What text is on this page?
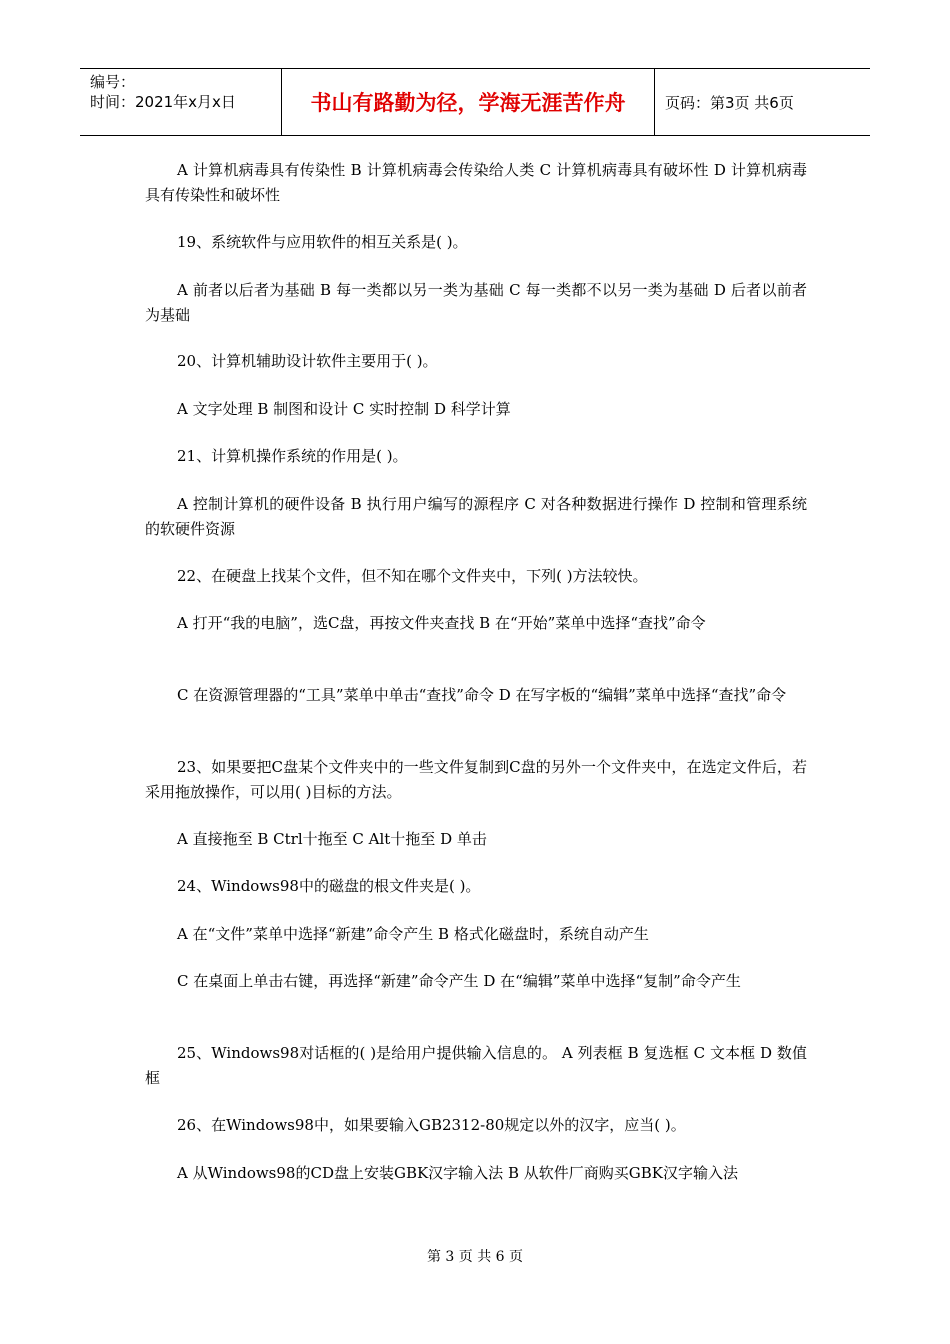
编号：
时间：2021年x月x日	书山有路勤为径，学海无涯苦作舟	页码：第3页 共6页

A 计算机病毒具有传染性 B 计算机病毒会传染给人类 C 计算机病毒具有破坏性 D 计算机病毒具有传染性和破坏性

19、系统软件与应用软件的相互关系是( )。

A 前者以后者为基础 B 每一类都以另一类为基础 C 每一类都不以另一类为基础 D 后者以前者为基础

20、计算机辅助设计软件主要用于( )。

A 文字处理 B 制图和设计 C 实时控制 D 科学计算

21、计算机操作系统的作用是( )。

A 控制计算机的硬件设备 B 执行用户编写的源程序 C 对各种数据进行操作 D 控制和管理系统的软硬件资源

22、在硬盘上找某个文件，但不知在哪个文件夹中，下列( )方法较快。

A 打开“我的电脑”，选C盘，再按文件夹查找 B 在“开始”菜单中选择“查找”命令

C 在资源管理器的“工具”菜单中单击“查找”命令 D 在写字板的“编辑”菜单中选择“查找”命令

23、如果要把C盘某个文件夹中的一些文件复制到C盘的另外一个文件夹中，在选定文件后，若采用拖放操作，可以用( )目标的方法。

A 直接拖至 B Ctrl十拖至 C Alt十拖至 D 单击

24、Windows98中的磁盘的根文件夹是( )。

A 在“文件”菜单中选择“新建”命令产生 B 格式化磁盘时，系统自动产生

C 在桌面上单击右键，再选择“新建”命令产生 D 在“编辑”菜单中选择“复制”命令产生

25、Windows98对话框的( )是给用户提供输入信息的。 A 列表框 B 复选框 C 文本框 D 数值框

26、在Windows98中，如果要输入GB2312-80规定以外的汉字，应当( )。

A 从Windows98的CD盘上安装GBK汉字输入法 B 从软件厂商购买GBK汉字输入法

第 3 页 共 6 页
